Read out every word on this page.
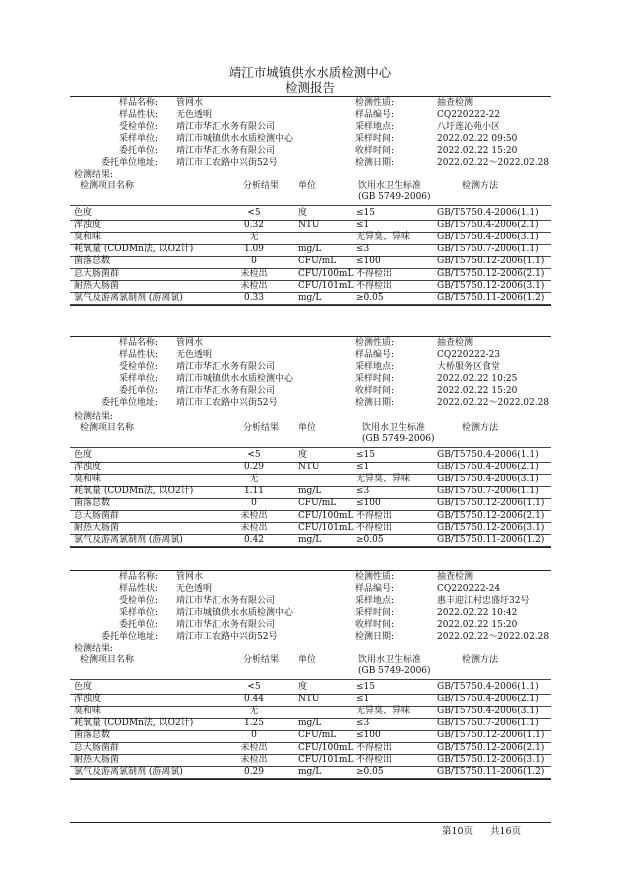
靖江市城镇供水水质检测中心
检测报告
样品名称: 管网水	检测性质:	抽查检测
样品性状: 无色透明	样品编号:	CQ220222-22
受检单位: 靖江市华汇水务有限公司	采样地点:	八圩莲沁苑小区
采样单位: 靖江市城镇供水水质检测中心	采样时间:	2022.02.22 09:50
委托单位: 靖江市华汇水务有限公司	收样时间:	2022.02.22 15:20
委托单位地址: 靖江市工农路中兴街52号	检测日期:	2022.02.22～2022.02.28
检测结果:
检测项目名称	分析结果 单位	饮用水卫生标准
(GB 5749-2006)
检测方法
色度	<5	度	≤15	GB/T5750.4-2006(1.1)
浑浊度	0.32	NTU	≤1	GB/T5750.4-2006(2.1)
臭和味	无	无异臭、异味	GB/T5750.4-2006(3.1)
耗氧量 (CODMn法, 以O2计)	1.09	mg/L	≤3	GB/T5750.7-2006(1.1)
菌落总数	0	CFU/mL ≤100	GB/T5750.12-2006(1.1)
总大肠菌群	未检出	CFU/100mL 不得检出	GB/T5750.12-2006(2.1)
耐热大肠菌	未检出	CFU/101mL 不得检出	GB/T5750.12-2006(3.1)
氯气及游离氯制剂 (游离氯)	0.33	mg/L	≥0.05	GB/T5750.11-2006(1.2)
样品名称: 管网水	检测性质:	抽查检测
样品性状: 无色透明	样品编号:	CQ220222-23
受检单位: 靖江市华汇水务有限公司	采样地点:	大桥服务区食堂
采样单位: 靖江市城镇供水水质检测中心	采样时间:	2022.02.22 10:25
委托单位: 靖江市华汇水务有限公司	收样时间:	2022.02.22 15:20
委托单位地址: 靖江市工农路中兴街52号	检测日期:	2022.02.22～2022.02.28
检测结果:
检测项目名称	分析结果 单位	饮用水卫生标准
(GB 5749-2006)
检测方法
色度	<5	度	≤15	GB/T5750.4-2006(1.1)
浑浊度	0.29	NTU	≤1	GB/T5750.4-2006(2.1)
臭和味	无	无异臭、异味	GB/T5750.4-2006(3.1)
耗氧量 (CODMn法, 以O2计)	1.11	mg/L	≤3	GB/T5750.7-2006(1.1)
菌落总数	0	CFU/mL ≤100	GB/T5750.12-2006(1.1)
总大肠菌群	未检出	CFU/100mL 不得检出	GB/T5750.12-2006(2.1)
耐热大肠菌	未检出	CFU/101mL 不得检出	GB/T5750.12-2006(3.1)
氯气及游离氯制剂 (游离氯)	0.42	mg/L	≥0.05	GB/T5750.11-2006(1.2)
样品名称: 管网水	检测性质:	抽查检测
样品性状: 无色透明	样品编号:	CQ220222-24
受检单位: 靖江市华汇水务有限公司	采样地点:	惠丰迎江村忠盛圩32号
采样单位: 靖江市城镇供水水质检测中心	采样时间:	2022.02.22 10:42
委托单位: 靖江市华汇水务有限公司	收样时间:	2022.02.22 15:20
委托单位地址: 靖江市工农路中兴街52号	检测日期:	2022.02.22～2022.02.28
检测结果:
检测项目名称	分析结果 单位	饮用水卫生标准
(GB 5749-2006)
检测方法
色度	<5	度	≤15	GB/T5750.4-2006(1.1)
浑浊度	0.44	NTU	≤1	GB/T5750.4-2006(2.1)
臭和味	无	无异臭、异味	GB/T5750.4-2006(3.1)
耗氧量 (CODMn法, 以O2计)	1.25	mg/L	≤3	GB/T5750.7-2006(1.1)
菌落总数	0	CFU/mL ≤100	GB/T5750.12-2006(1.1)
总大肠菌群	未检出	CFU/100mL 不得检出	GB/T5750.12-2006(2.1)
耐热大肠菌	未检出	CFU/101mL 不得检出	GB/T5750.12-2006(3.1)
氯气及游离氯制剂 (游离氯)	0.29	mg/L	≥0.05	GB/T5750.11-2006(1.2)
第10页 共16页
